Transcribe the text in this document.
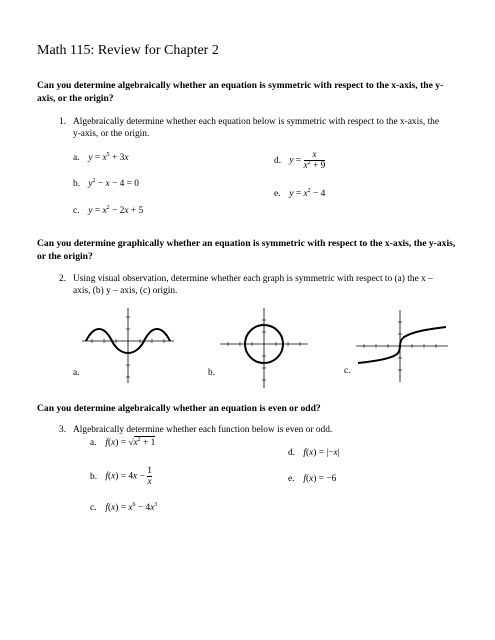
Math 115: Review for Chapter 2
Can you determine algebraically whether an equation is symmetric with respect to the x-axis, the y-axis, or the origin?
1. Algebraically determine whether each equation below is symmetric with respect to the x-axis, the y-axis, or the origin.
a. $y = x^5 + 3x$
b. $y^2 - x - 4 = 0$
c. $y = x^2 - 2x + 5$
d. $y = \frac{x}{x^2 + 9}$
e. $y = x^2 - 4$
Can you determine graphically whether an equation is symmetric with respect to the x-axis, the y-axis, or the origin?
2. Using visual observation, determine whether each graph is symmetric with respect to (a) the x – axis, (b) y – axis, (c) origin.
a.	b.	c.
Can you determine algebraically whether an equation is even or odd?
3. Algebraically determine whether each function below is even or odd.
a. $f(x) = √x^2 + 1$
b. $f(x) = 4x - \frac{1}{x}$
c. $f(x) = x^6 - 4x^3$
d. f(x) = |−x|
e. f(x) = −6
